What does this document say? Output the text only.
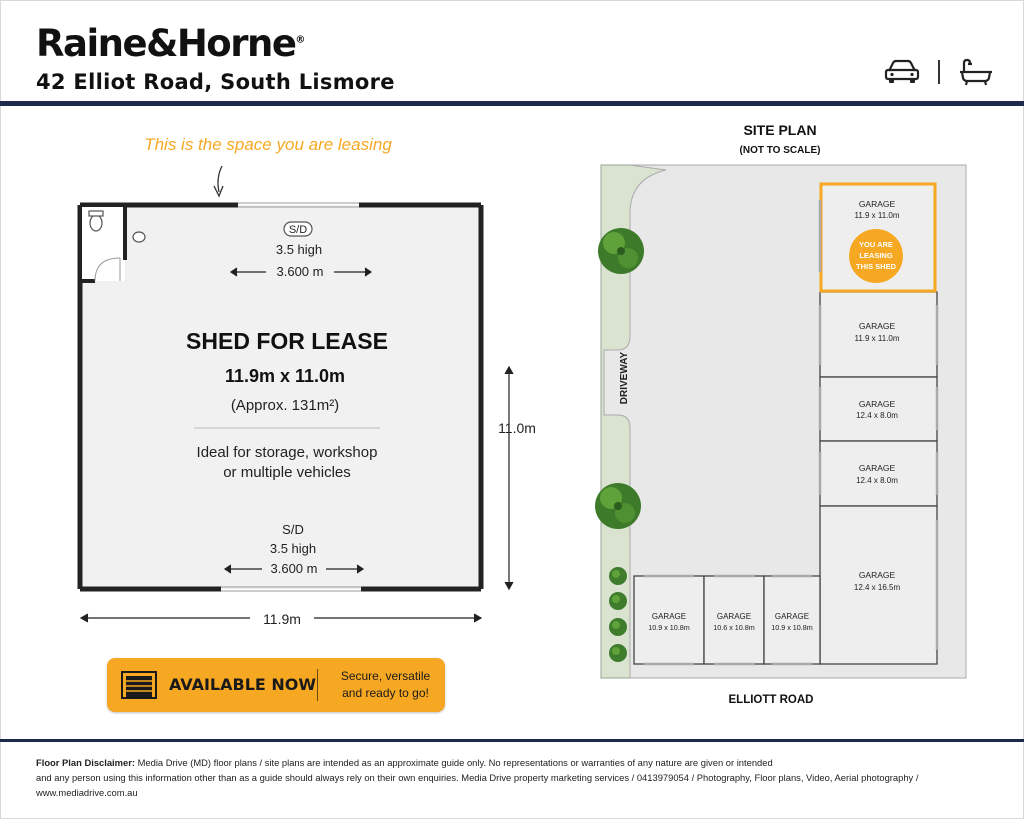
Raine&Horne®
42 Elliot Road, South Lismore
This is the space you are leasing
S/D
3.5 high
3.600 m
SHED FOR LEASE
11.9m x 11.0m
(Approx. 131m²)
Ideal for storage, workshop
or multiple vehicles
S/D
3.5 high
3.600 m
11.9m
11.0m
SITE PLAN
(NOT TO SCALE)
DRIVEWAY
GARAGE
11.9 x 11.0m
YOU ARE
LEASING
THIS SHED
GARAGE
11.9 x 11.0m
GARAGE
12.4 x 8.0m
GARAGE
12.4 x 8.0m
GARAGE
12.4 x 16.5m
GARAGE
10.9 x 10.8m
GARAGE
10.6 x 10.8m
GARAGE
10.9 x 10.8m
ELLIOTT ROAD
AVAILABLE NOW	Secure, versatile
and ready to go!
Floor Plan Disclaimer: Media Drive (MD) floor plans / site plans are intended as an approximate guide only. No representations or warranties of any nature are given or intended
and any person using this information other than as a guide should always rely on their own enquiries. Media Drive property marketing services / 0413979054 / Photography, Floor plans, Video, Aerial photography /
www.mediadrive.com.au
